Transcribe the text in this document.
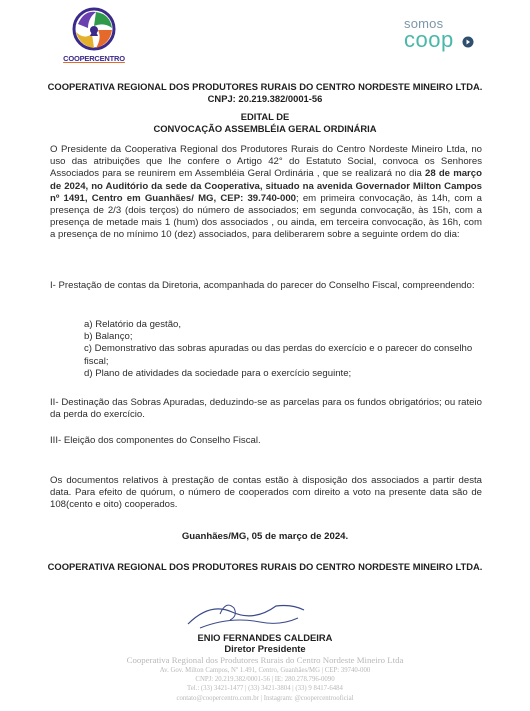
COOPERCENTRO
somos
coop
COOPERATIVA REGIONAL DOS PRODUTORES RURAIS DO CENTRO NORDESTE MINEIRO LTDA.
CNPJ: 20.219.382/0001-56
EDITAL DE
CONVOCAÇÃO ASSEMBLÉIA GERAL ORDINÁRIA
O Presidente da Cooperativa Regional dos Produtores Rurais do Centro Nordeste Mineiro Ltda, no uso das atribuições que lhe confere o Artigo 42° do Estatuto Social, convoca os Senhores Associados para se reunirem em Assembléia Geral Ordinária , que se realizará no dia 28 de março de 2024, no Auditório da sede da Cooperativa, situado na avenida Governador Milton Campos nº 1491, Centro em Guanhães/ MG, CEP: 39.740-000; em primeira convocação, às 14h, com a presença de 2/3 (dois terços) do número de associados; em segunda convocação, às 15h, com a presença de metade mais 1 (hum) dos associados , ou ainda, em terceira convocação, às 16h, com a presença de no mínimo 10 (dez) associados, para deliberarem sobre a seguinte ordem do dia:
I- Prestação de contas da Diretoria, acompanhada do parecer do Conselho Fiscal, compreendendo:
a) Relatório da gestão,
b) Balanço;
c) Demonstrativo das sobras apuradas ou das perdas do exercício e o parecer do conselho fiscal;
d) Plano de atividades da sociedade para o exercício seguinte;
II- Destinação das Sobras Apuradas, deduzindo-se as parcelas para os fundos obrigatórios; ou rateio da perda do exercício.
III- Eleição dos componentes do Conselho Fiscal.
Os documentos relativos à prestação de contas estão à disposição dos associados a partir desta data. Para efeito de quórum, o número de cooperados com direito a voto na presente data são de 108(cento e oito) cooperados.
Guanhães/MG, 05 de março de 2024.
COOPERATIVA REGIONAL DOS PRODUTORES RURAIS DO CENTRO NORDESTE MINEIRO LTDA.
ENIO FERNANDES CALDEIRA
Diretor Presidente
Cooperativa Regional dos Produtores Rurais do Centro Nordeste Mineiro Ltda
Av. Gov. Milton Campos, Nº 1.491, Centro, Guanhães/MG | CEP: 39740-000
CNPJ: 20.219.382/0001-56 | IE: 280.278.796-0090
Tel.: (33) 3421-1477 | (33) 3421-3804 | (33) 9 8417-6484
contato@coopercentro.com.br | Instagram: @coopercentrooficial
